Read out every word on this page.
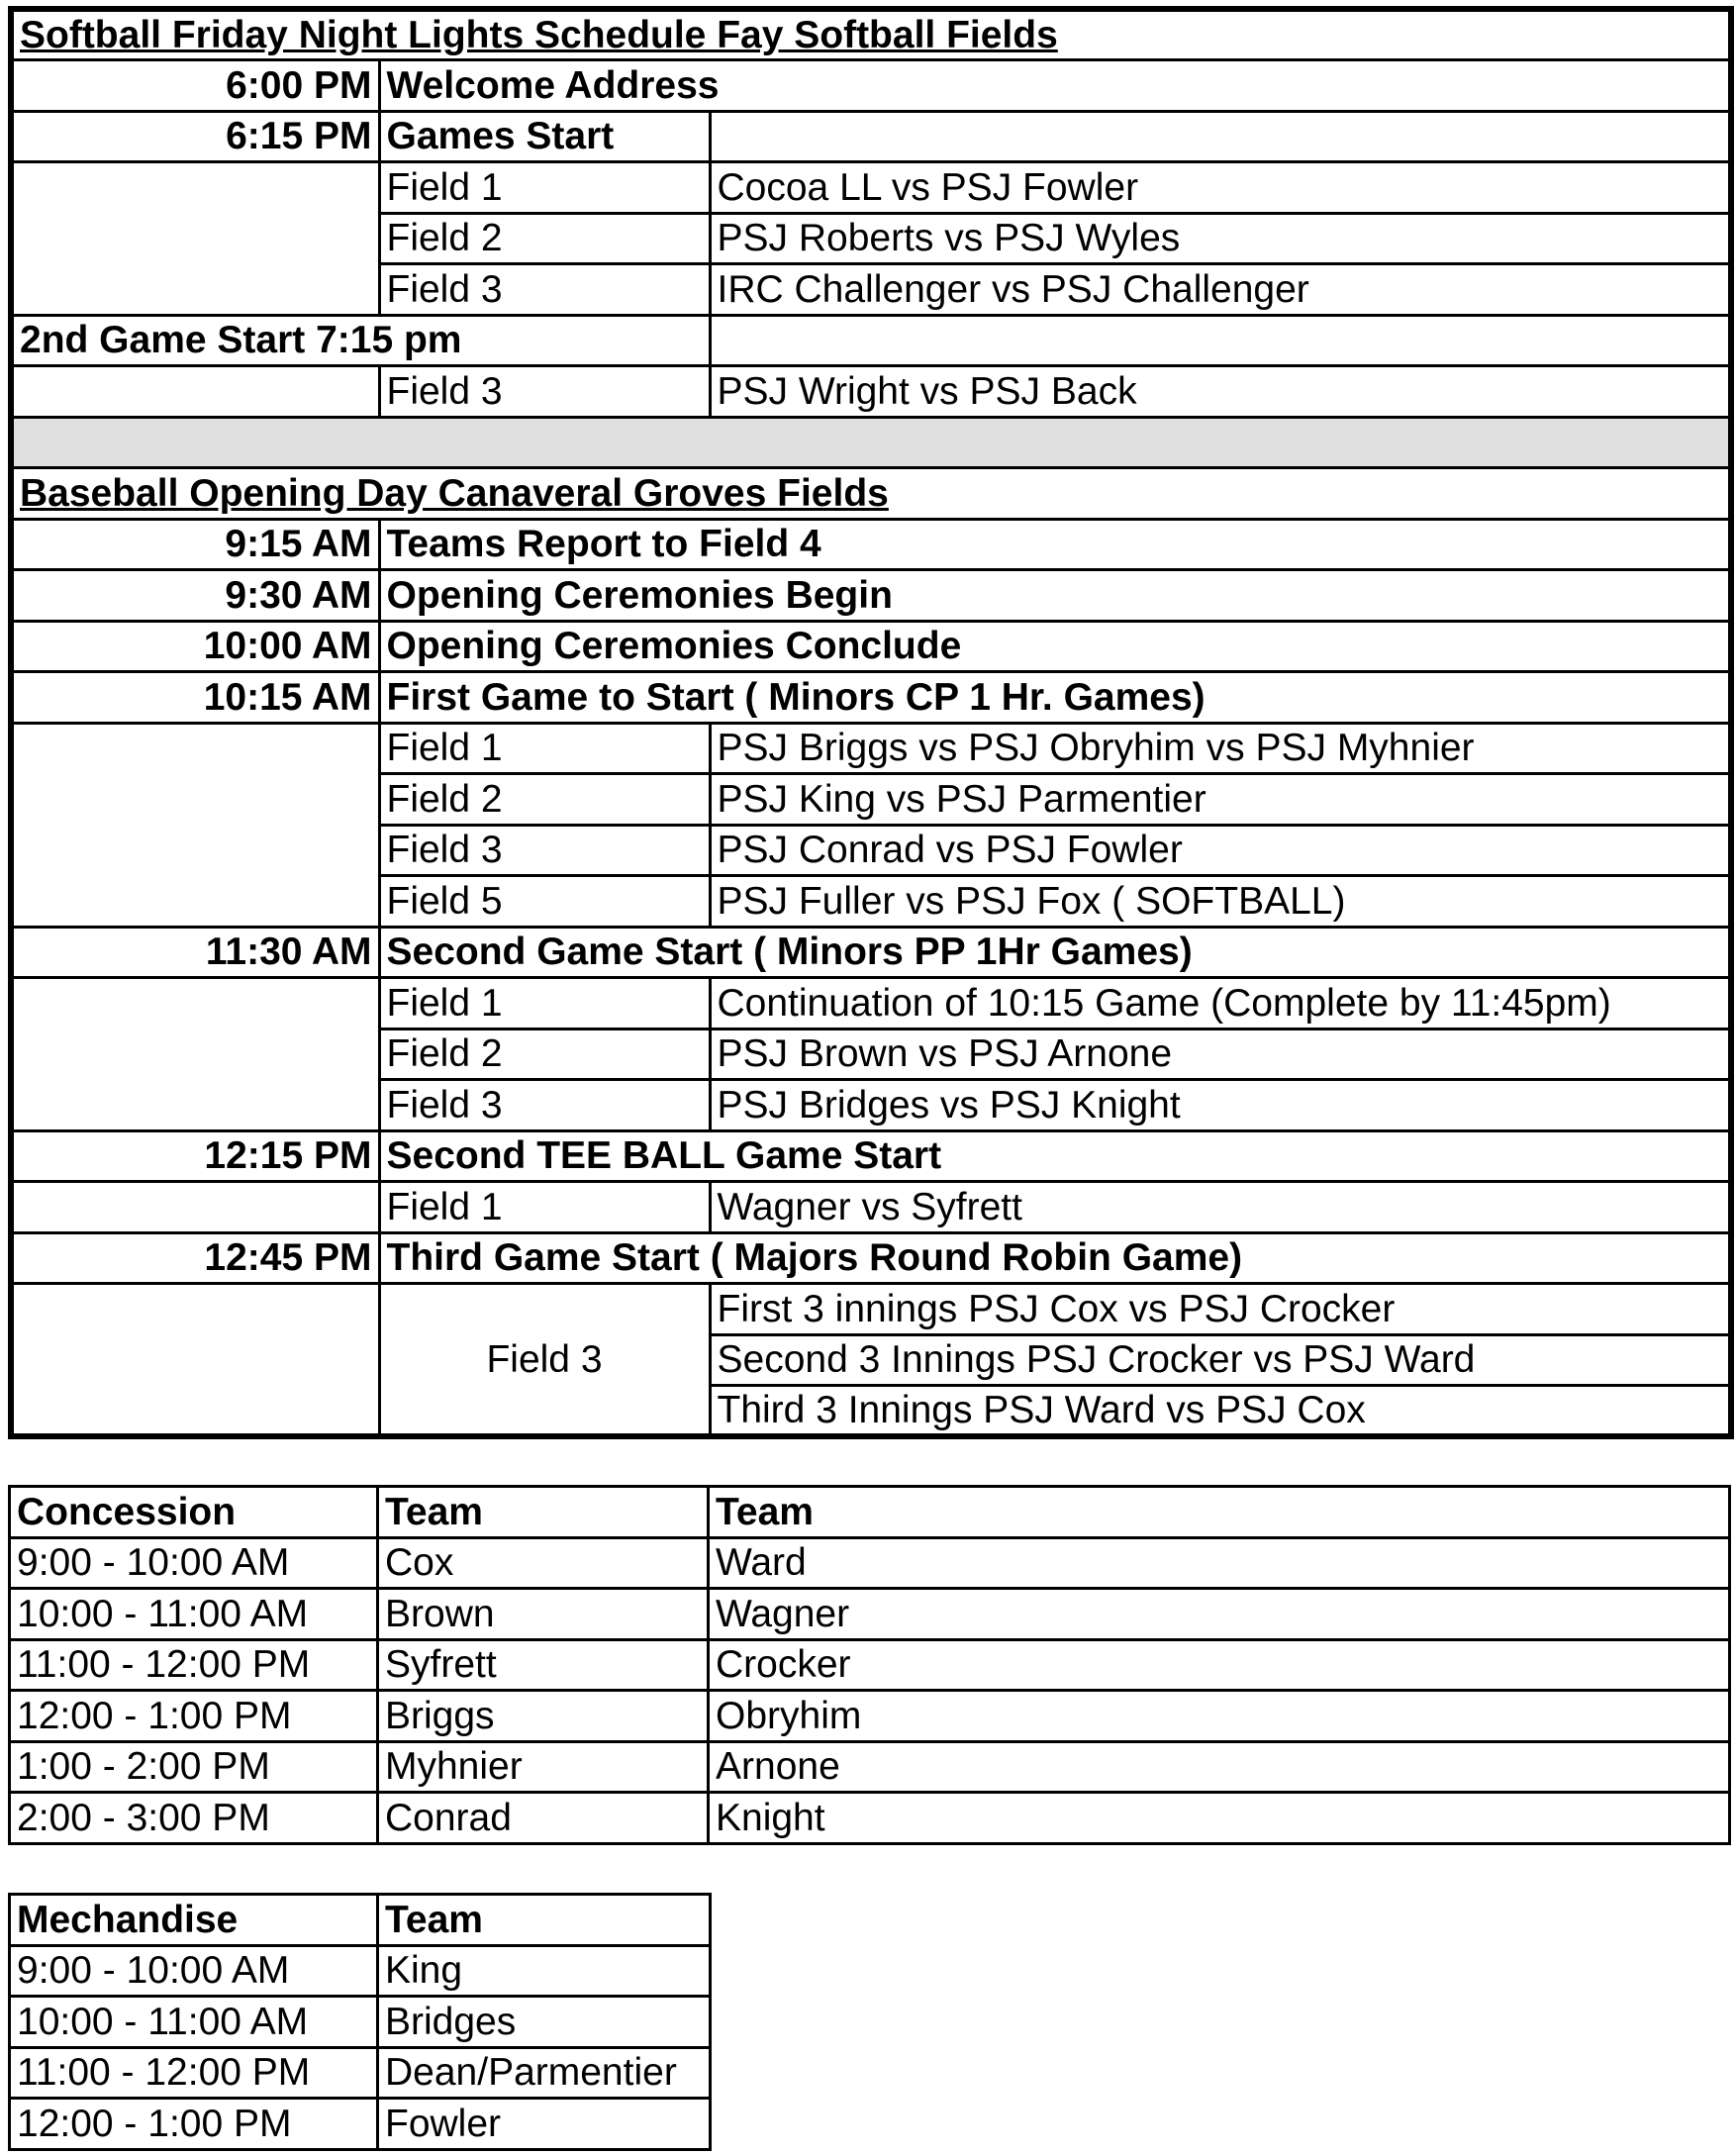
Softball Friday Night Lights Schedule Fay Softball Fields		
6:00 PM	Welcome Address	
6:15 PM	Games Start	
	Field 1	Cocoa LL vs PSJ Fowler
	Field 2	PSJ Roberts vs PSJ Wyles
	Field 3	IRC Challenger vs PSJ Challenger
2nd Game Start 7:15 pm		
	Field 3	PSJ Wright vs PSJ Back

Baseball Opening Day Canaveral Groves Fields		
9:15 AM	Teams Report to Field 4	
9:30 AM	Opening Ceremonies Begin	
10:00 AM	Opening Ceremonies Conclude	
10:15 AM	First Game to Start ( Minors CP 1 Hr. Games)	
	Field 1	PSJ Briggs vs PSJ Obryhim vs PSJ Myhnier
	Field 2	PSJ King vs PSJ Parmentier
	Field 3	PSJ Conrad vs PSJ Fowler
	Field 5	PSJ Fuller vs PSJ Fox ( SOFTBALL)
11:30 AM	Second Game Start ( Minors PP 1Hr Games)	
	Field 1	Continuation of 10:15 Game (Complete by 11:45pm)
	Field 2	PSJ Brown vs PSJ Arnone
	Field 3	PSJ Bridges vs PSJ Knight
12:15 PM	Second TEE BALL Game Start	
	Field 1	Wagner vs Syfrett
12:45 PM	Third Game Start ( Majors Round Robin Game)	
	Field 3	First 3 innings PSJ Cox vs PSJ Crocker
		Second 3 Innings PSJ Crocker vs PSJ Ward
		Third 3 Innings PSJ Ward vs PSJ Cox
Concession	Team	Team
9:00 - 10:00 AM	Cox	Ward
10:00 - 11:00 AM	Brown	Wagner
11:00 - 12:00 PM	Syfrett	Crocker
12:00 - 1:00 PM	Briggs	Obryhim
1:00 - 2:00 PM	Myhnier	Arnone
2:00 - 3:00 PM	Conrad	Knight
Mechandise	Team
9:00 - 10:00 AM	King
10:00 - 11:00 AM	Bridges
11:00 - 12:00 PM	Dean/Parmentier
12:00 - 1:00 PM	Fowler
